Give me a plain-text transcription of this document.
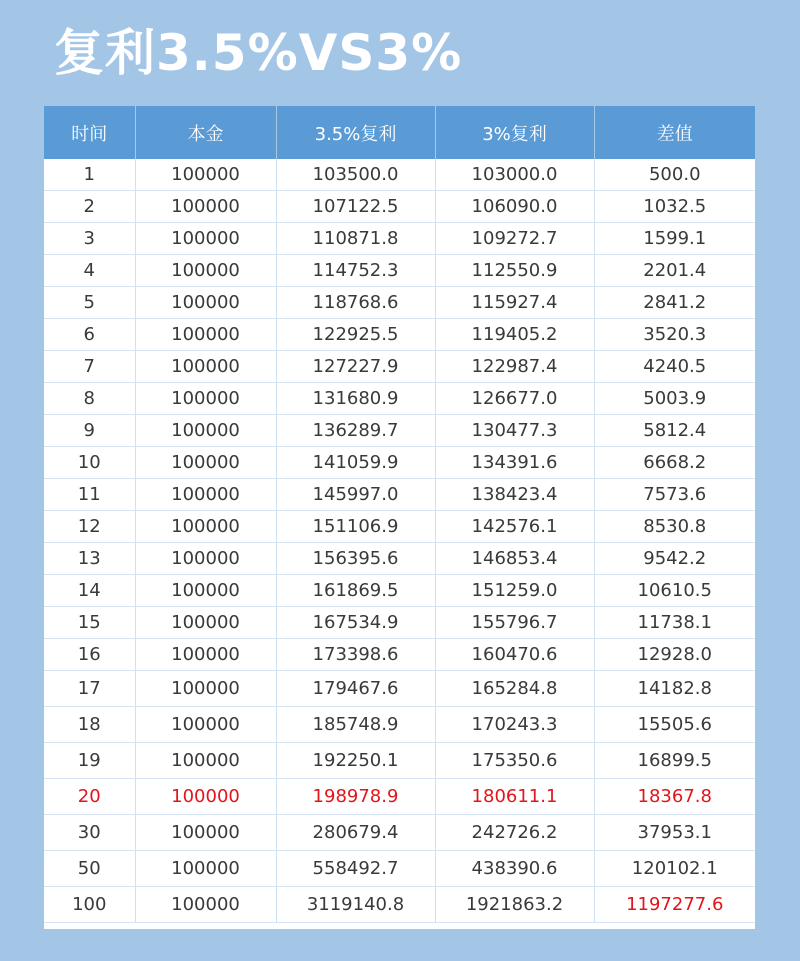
复利3.5%VS3%
时间	本金	3.5%复利	3%复利	差值
1	100000	103500.0	103000.0	500.0
2	100000	107122.5	106090.0	1032.5
3	100000	110871.8	109272.7	1599.1
4	100000	114752.3	112550.9	2201.4
5	100000	118768.6	115927.4	2841.2
6	100000	122925.5	119405.2	3520.3
7	100000	127227.9	122987.4	4240.5
8	100000	131680.9	126677.0	5003.9
9	100000	136289.7	130477.3	5812.4
10	100000	141059.9	134391.6	6668.2
11	100000	145997.0	138423.4	7573.6
12	100000	151106.9	142576.1	8530.8
13	100000	156395.6	146853.4	9542.2
14	100000	161869.5	151259.0	10610.5
15	100000	167534.9	155796.7	11738.1
16	100000	173398.6	160470.6	12928.0
17	100000	179467.6	165284.8	14182.8
18	100000	185748.9	170243.3	15505.6
19	100000	192250.1	175350.6	16899.5
20	100000	198978.9	180611.1	18367.8
30	100000	280679.4	242726.2	37953.1
50	100000	558492.7	438390.6	120102.1
100	100000	3119140.8	1921863.2	1197277.6
